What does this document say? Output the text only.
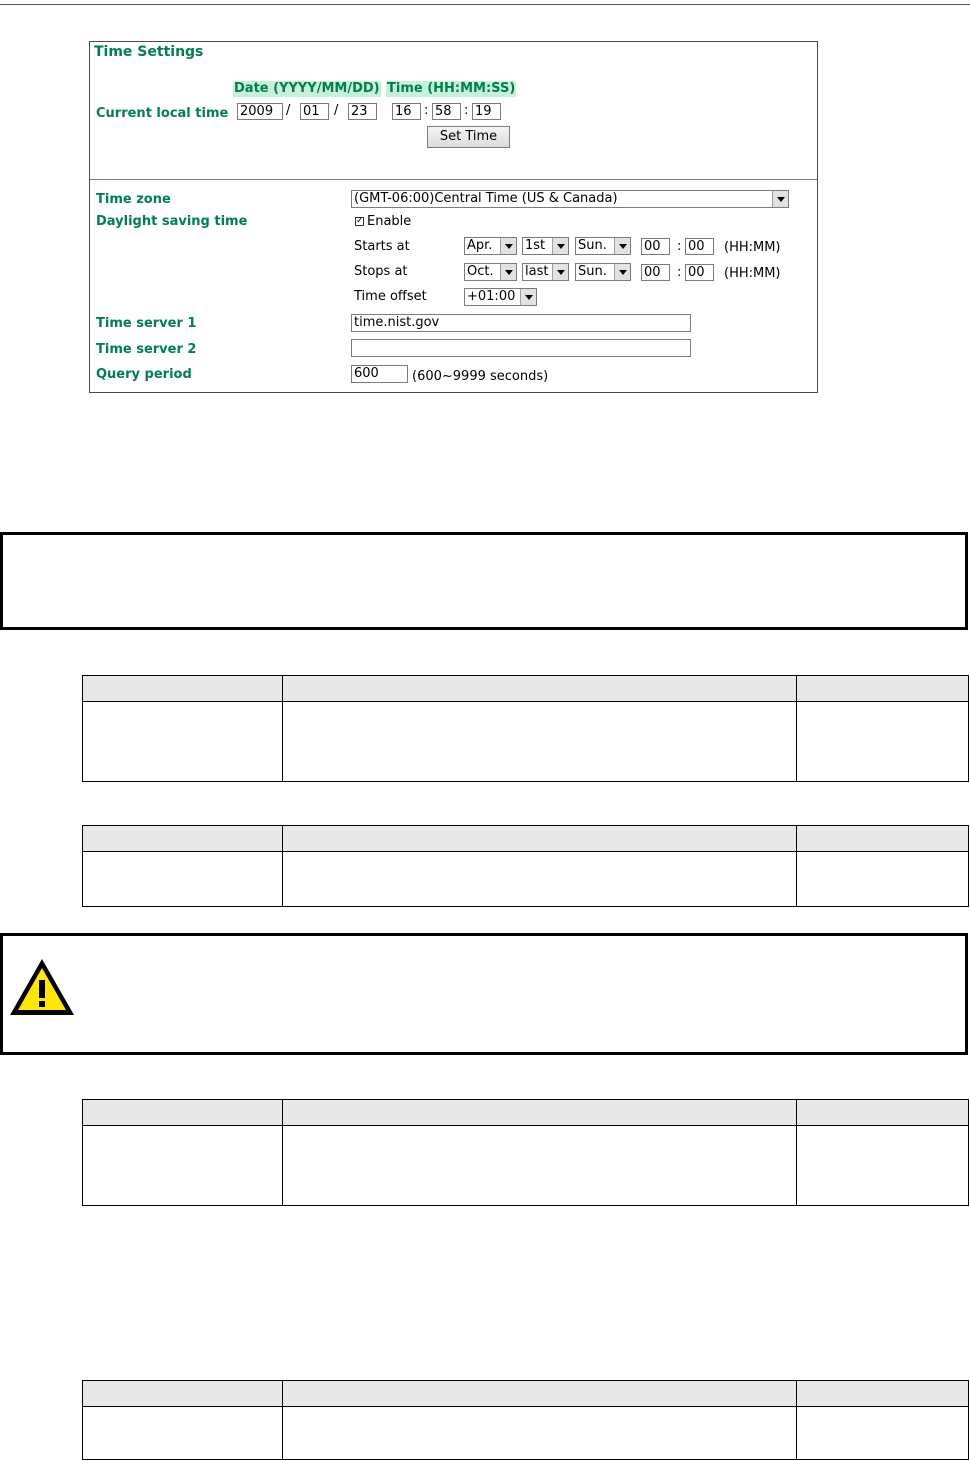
Time Settings
Date (YYYY/MM/DD) Time (HH:MM:SS)
Current local time 2009 / 01	/ 23	16 : 58 : 19
Set Time
Time zone	(GMT-06:00)Central Time (US & Canada)
Daylight saving time	✓ Enable
Starts at	Apr.	1st	Sun.	00	: 00	(HH:MM)
Stops at	Oct.	last	Sun.	00	: 00	(HH:MM)
Time offset	+01:00
Time server 1	time.nist.gov
Time server 2
Query period	600	(600~9999 seconds)
